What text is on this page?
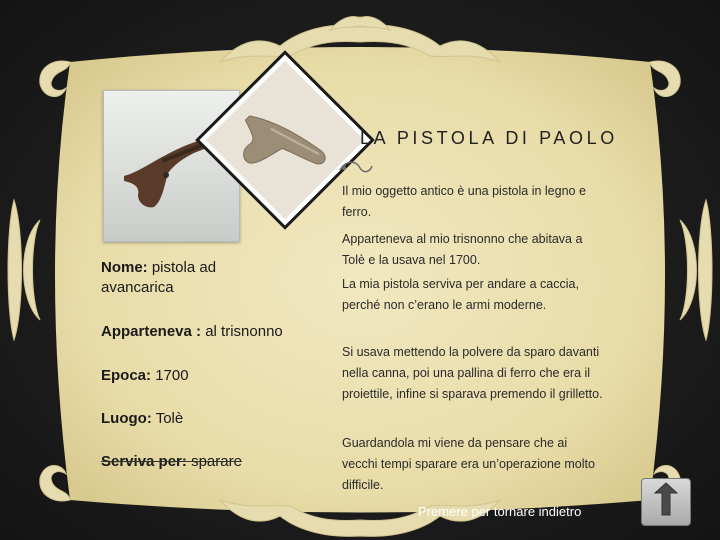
LA PISTOLA DI PAOLO
Il mio oggetto antico è una pistola in legno e ferro.
Apparteneva al mio trisnonno che abitava a Tolè e la usava nel 1700.
La mia pistola serviva per andare a caccia, perché non c’erano le armi moderne.
Si usava mettendo la polvere da sparo davanti nella canna, poi una pallina di ferro che era il proiettile, infine si sparava premendo il grilletto.
Guardandola mi viene da pensare che ai vecchi tempi sparare era un’operazione molto difficile.
Nome: pistola ad avancarica
Apparteneva : al trisnonno
Epoca: 1700
Luogo: Tolè
Serviva per: sparare
Premere per tornare indietro
